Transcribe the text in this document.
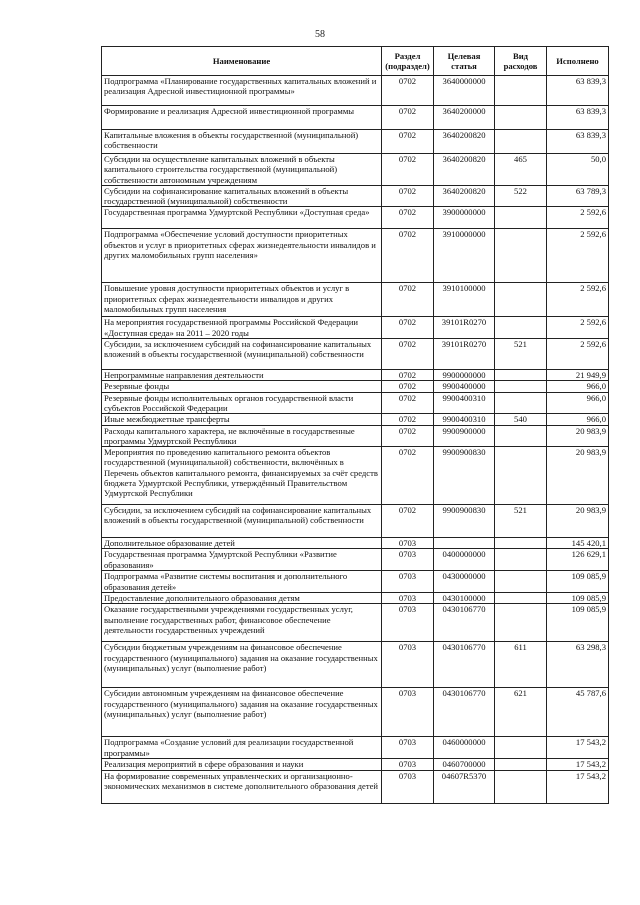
58
Наименование	Раздел (подраздел)	Целевая статья	Вид расходов	Исполнено
Подпрограмма «Планирование государственных капитальных вложений и реализация Адресной инвестиционной программы»	0702	3640000000		63 839,3
Формирование и реализация Адресной инвестиционной программы	0702	3640200000		63 839,3
Капитальные вложения в объекты государственной (муниципальной) собственности	0702	3640200820		63 839,3
Субсидии на осуществление капитальных вложений в объекты капитального строительства государственной (муниципальной) собственности автономным учреждениям	0702	3640200820	465	50,0
Субсидии на софинансирование капитальных вложений в объекты государственной (муниципальной) собственности	0702	3640200820	522	63 789,3
Государственная программа Удмуртской Республики «Доступная среда»	0702	3900000000		2 592,6
Подпрограмма «Обеспечение условий доступности приоритетных объектов и услуг в приоритетных сферах жизнедеятельности инвалидов и других маломобильных групп населения»	0702	3910000000		2 592,6
Повышение уровня доступности приоритетных объектов и услуг в приоритетных сферах жизнедеятельности инвалидов и других маломобильных групп населения	0702	3910100000		2 592,6
На мероприятия государственной программы Российской Федерации «Доступная среда» на 2011 – 2020 годы	0702	39101R0270		2 592,6
Субсидии, за исключением субсидий на софинансирование капитальных вложений в объекты государственной (муниципальной) собственности	0702	39101R0270	521	2 592,6
Непрограммные направления деятельности	0702	9900000000		21 949,9
Резервные фонды	0702	9900400000		966,0
Резервные фонды исполнительных органов государственной власти субъектов Российской Федерации	0702	9900400310		966,0
Иные межбюджетные трансферты	0702	9900400310	540	966,0
Расходы капитального характера, не включённые в государственные программы Удмуртской Республики	0702	9900900000		20 983,9
Мероприятия по проведению капитального ремонта объектов государственной (муниципальной) собственности, включённых в Перечень объектов капитального ремонта, финансируемых за счёт средств бюджета Удмуртской Республики, утверждённый Правительством Удмуртской Республики	0702	9900900830		20 983,9
Субсидии, за исключением субсидий на софинансирование капитальных вложений в объекты государственной (муниципальной) собственности	0702	9900900830	521	20 983,9
Дополнительное образование детей	0703			145 420,1
Государственная программа Удмуртской Республики «Развитие образования»	0703	0400000000		126 629,1
Подпрограмма «Развитие системы воспитания и дополнительного образования детей»	0703	0430000000		109 085,9
Предоставление дополнительного образования детям	0703	0430100000		109 085,9
Оказание государственными учреждениями государственных услуг, выполнение государственных работ, финансовое обеспечение деятельности государственных учреждений	0703	0430106770		109 085,9
Субсидии бюджетным учреждениям на финансовое обеспечение государственного (муниципального) задания на оказание государственных (муниципальных) услуг (выполнение работ)	0703	0430106770	611	63 298,3
Субсидии автономным учреждениям на финансовое обеспечение государственного (муниципального) задания на оказание государственных (муниципальных) услуг (выполнение работ)	0703	0430106770	621	45 787,6
Подпрограмма «Создание условий для реализации государственной программы»	0703	0460000000		17 543,2
Реализация мероприятий в сфере образования и науки	0703	0460700000		17 543,2
На формирование современных управленческих и организационно-экономических механизмов в системе дополнительного образования детей	0703	04607R5370		17 543,2
